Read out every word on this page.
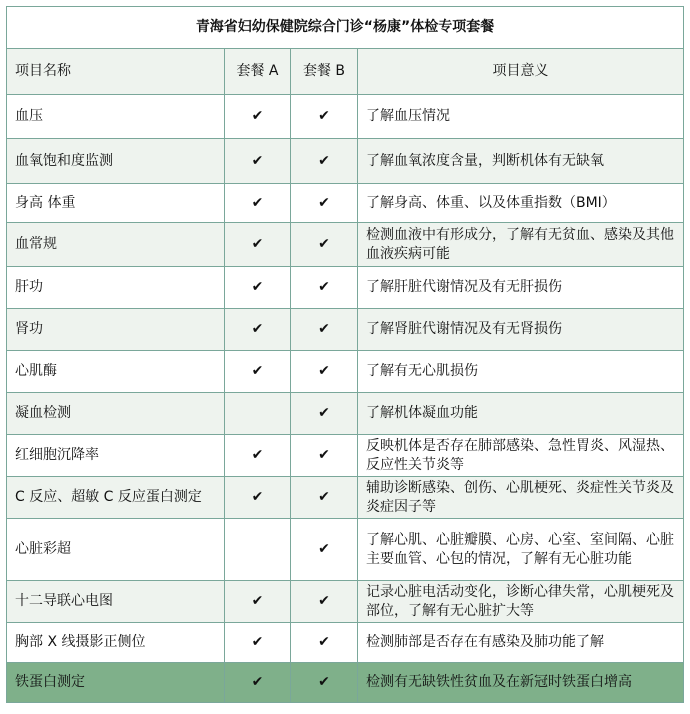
青海省妇幼保健院综合门诊“杨康”体检专项套餐			
项目名称	套餐 A	套餐 B	项目意义
血压	✔	✔	了解血压情况
血氧饱和度监测	✔	✔	了解血氧浓度含量，判断机体有无缺氧
身高 体重	✔	✔	了解身高、体重、以及体重指数（BMI）
血常规	✔	✔	检测血液中有形成分，了解有无贫血、感染及其他血液疾病可能
肝功	✔	✔	了解肝脏代谢情况及有无肝损伤
肾功	✔	✔	了解肾脏代谢情况及有无肾损伤
心肌酶	✔	✔	了解有无心肌损伤
凝血检测		✔	了解机体凝血功能
红细胞沉降率	✔	✔	反映机体是否存在肺部感染、急性胃炎、风湿热、反应性关节炎等
C 反应、超敏 C 反应蛋白测定	✔	✔	辅助诊断感染、创伤、心肌梗死、炎症性关节炎及炎症因子等
心脏彩超		✔	了解心肌、心脏瓣膜、心房、心室、室间隔、心脏主要血管、心包的情况，了解有无心脏功能
十二导联心电图	✔	✔	记录心脏电活动变化，诊断心律失常，心肌梗死及部位，了解有无心脏扩大等
胸部 X 线摄影正侧位	✔	✔	检测肺部是否存在有感染及肺功能了解
铁蛋白测定	✔	✔	检测有无缺铁性贫血及在新冠时铁蛋白增高
